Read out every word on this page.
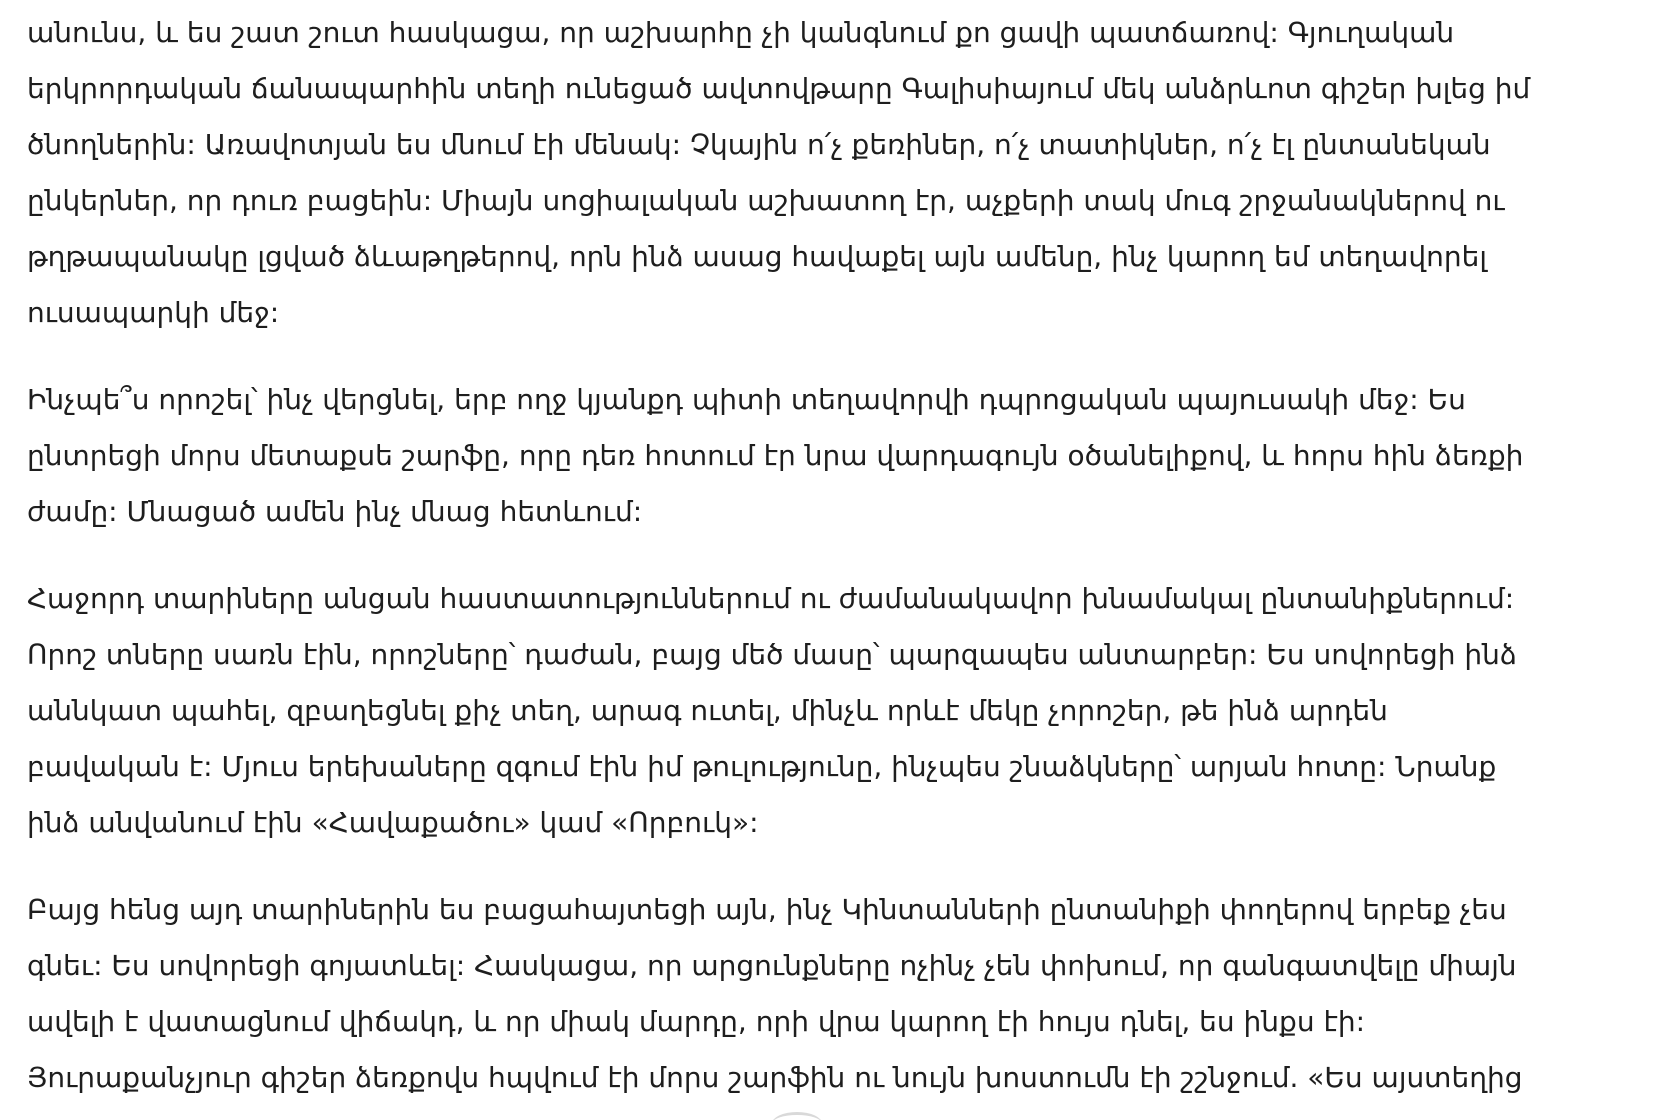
անունս, և ես շատ շուտ հասկացա, որ աշխարհը չի կանգնում քո ցավի պատճառով: Գյուղական
երկրորդական ճանապարհին տեղի ունեցած ավտովթարը Գալիսիայում մեկ անձրևոտ գիշեր խլեց իմ
ծնողներին: Առավոտյան ես մնում էի մենակ: Չկային ո՛չ քեռիներ, ո՛չ տատիկներ, ո՛չ էլ ընտանեկան
ընկերներ, որ դուռ բացեին: Միայն սոցիալական աշխատող էր, աչքերի տակ մուգ շրջանակներով ու
թղթապանակը լցված ձևաթղթերով, որն ինձ ասաց հավաքել այն ամենը, ինչ կարող եմ տեղավորել
ուսապարկի մեջ:

Ինչպե՞ս որոշել՝ ինչ վերցնել, երբ ողջ կյանքդ պիտի տեղավորվի դպրոցական պայուսակի մեջ: Ես
ընտրեցի մորս մետաքսե շարֆը, որը դեռ հոտում էր նրա վարդագույն օծանելիքով, և հորս հին ձեռքի
ժամը: Մնացած ամեն ինչ մնաց հետևում:

Հաջորդ տարիները անցան հաստատություններում ու ժամանակավոր խնամակալ ընտանիքներում:
Որոշ տները սառն էին, որոշները՝ դաժան, բայց մեծ մասը՝ պարզապես անտարբեր: Ես սովորեցի ինձ
աննկատ պահել, զբաղեցնել քիչ տեղ, արագ ուտել, մինչև որևէ մեկը չորոշեր, թե ինձ արդեն
բավական է: Մյուս երեխաները զգում էին իմ թուլությունը, ինչպես շնաձկները՝ արյան հոտը: Նրանք
ինձ անվանում էին «Հավաքածու» կամ «Որբուկ»:

Բայց հենց այդ տարիներին ես բացահայտեցի այն, ինչ Կինտանների ընտանիքի փողերով երբեք չես
գնեւ: Ես սովորեցի գոյատևել: Հասկացա, որ արցունքները ոչինչ չեն փոխում, որ գանգատվելը միայն
ավելի է վատացնում վիճակդ, և որ միակ մարդը, որի վրա կարող էի հույս դնել, ես ինքս էի:
Յուրաքանչյուր գիշեր ձեռքովս հպվում էի մորս շարֆին ու նույն խոստումն էի շշնջում. «Ես այստեղից
